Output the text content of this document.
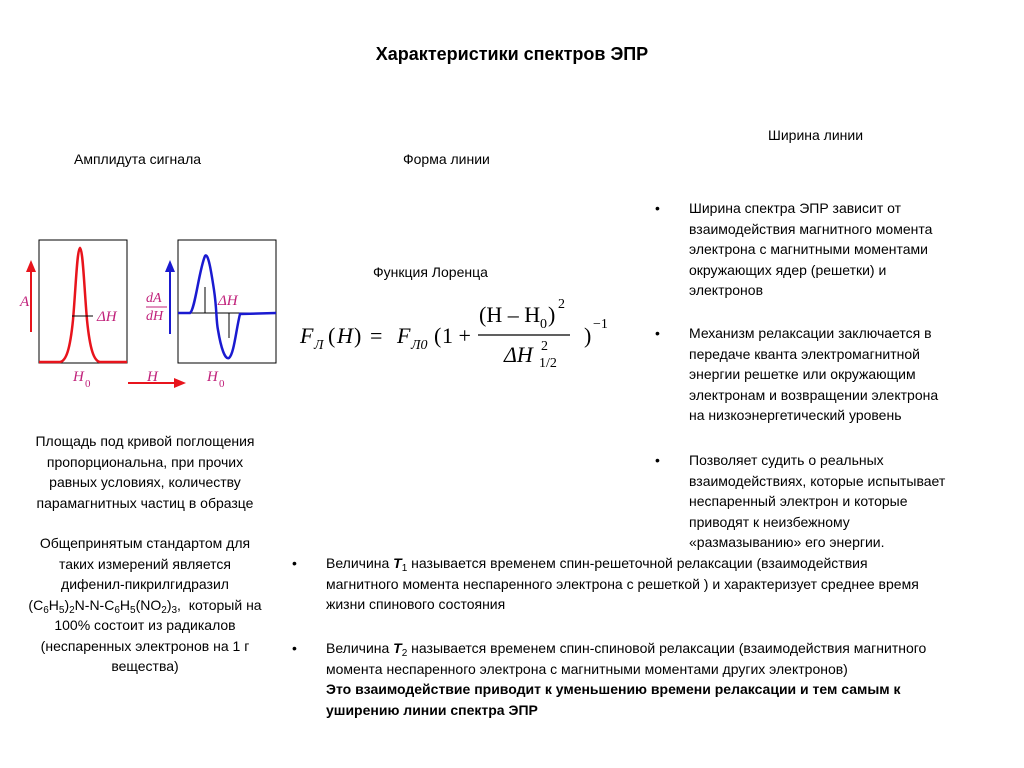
Характеристики спектров ЭПР
Амплидута сигнала	Форма линии
Ширина линии
A
ΔH
H 0
dA
dH
ΔH
H	H 0
Функция Лоренца
F Л ( H ) = F Л0 ( 1 +
(H – H 0 ) 2
ΔH 2
1/2
) −1
Площадь под кривой поглощения
пропорциональна, при прочих
равных условиях, количеству
парамагнитных частиц в образце
Общепринятым стандартом для
таких измерений является
дифенил-пикрилгидразил
$(C_6H_5)_2N-N-C_6H_5(NO_2)_3$,  который на
100% состоит из радикалов
(неспаренных электронов на 1 г
вещества)
• Ширина спектра ЭПР зависит от
взаимодействия магнитного момента
электрона с магнитными моментами
окружающих ядер (решетки) и
электронов
• Механизм релаксации заключается в
передаче кванта электромагнитной
энергии решетке или окружающим
электронам и возвращении электрона
на низкоэнергетический уровень
• Позволяет судить о реальных
взаимодействиях, которые испытывает
неспаренный электрон и которые
приводят к неизбежному
«размазыванию» его энергии.
• Величина $T_1$ называется временем спин-решеточной релаксации (взаимодействия
магнитного момента неспаренного электрона с решеткой ) и характеризует среднее время
жизни спинового состояния
• Величина $T_2$ называется временем спин-спиновой релаксации (взаимодействия магнитного
момента неспаренного электрона с магнитными моментами других электронов)
Это взаимодействие приводит к уменьшению времени релаксации и тем самым к
уширению линии спектра ЭПР
